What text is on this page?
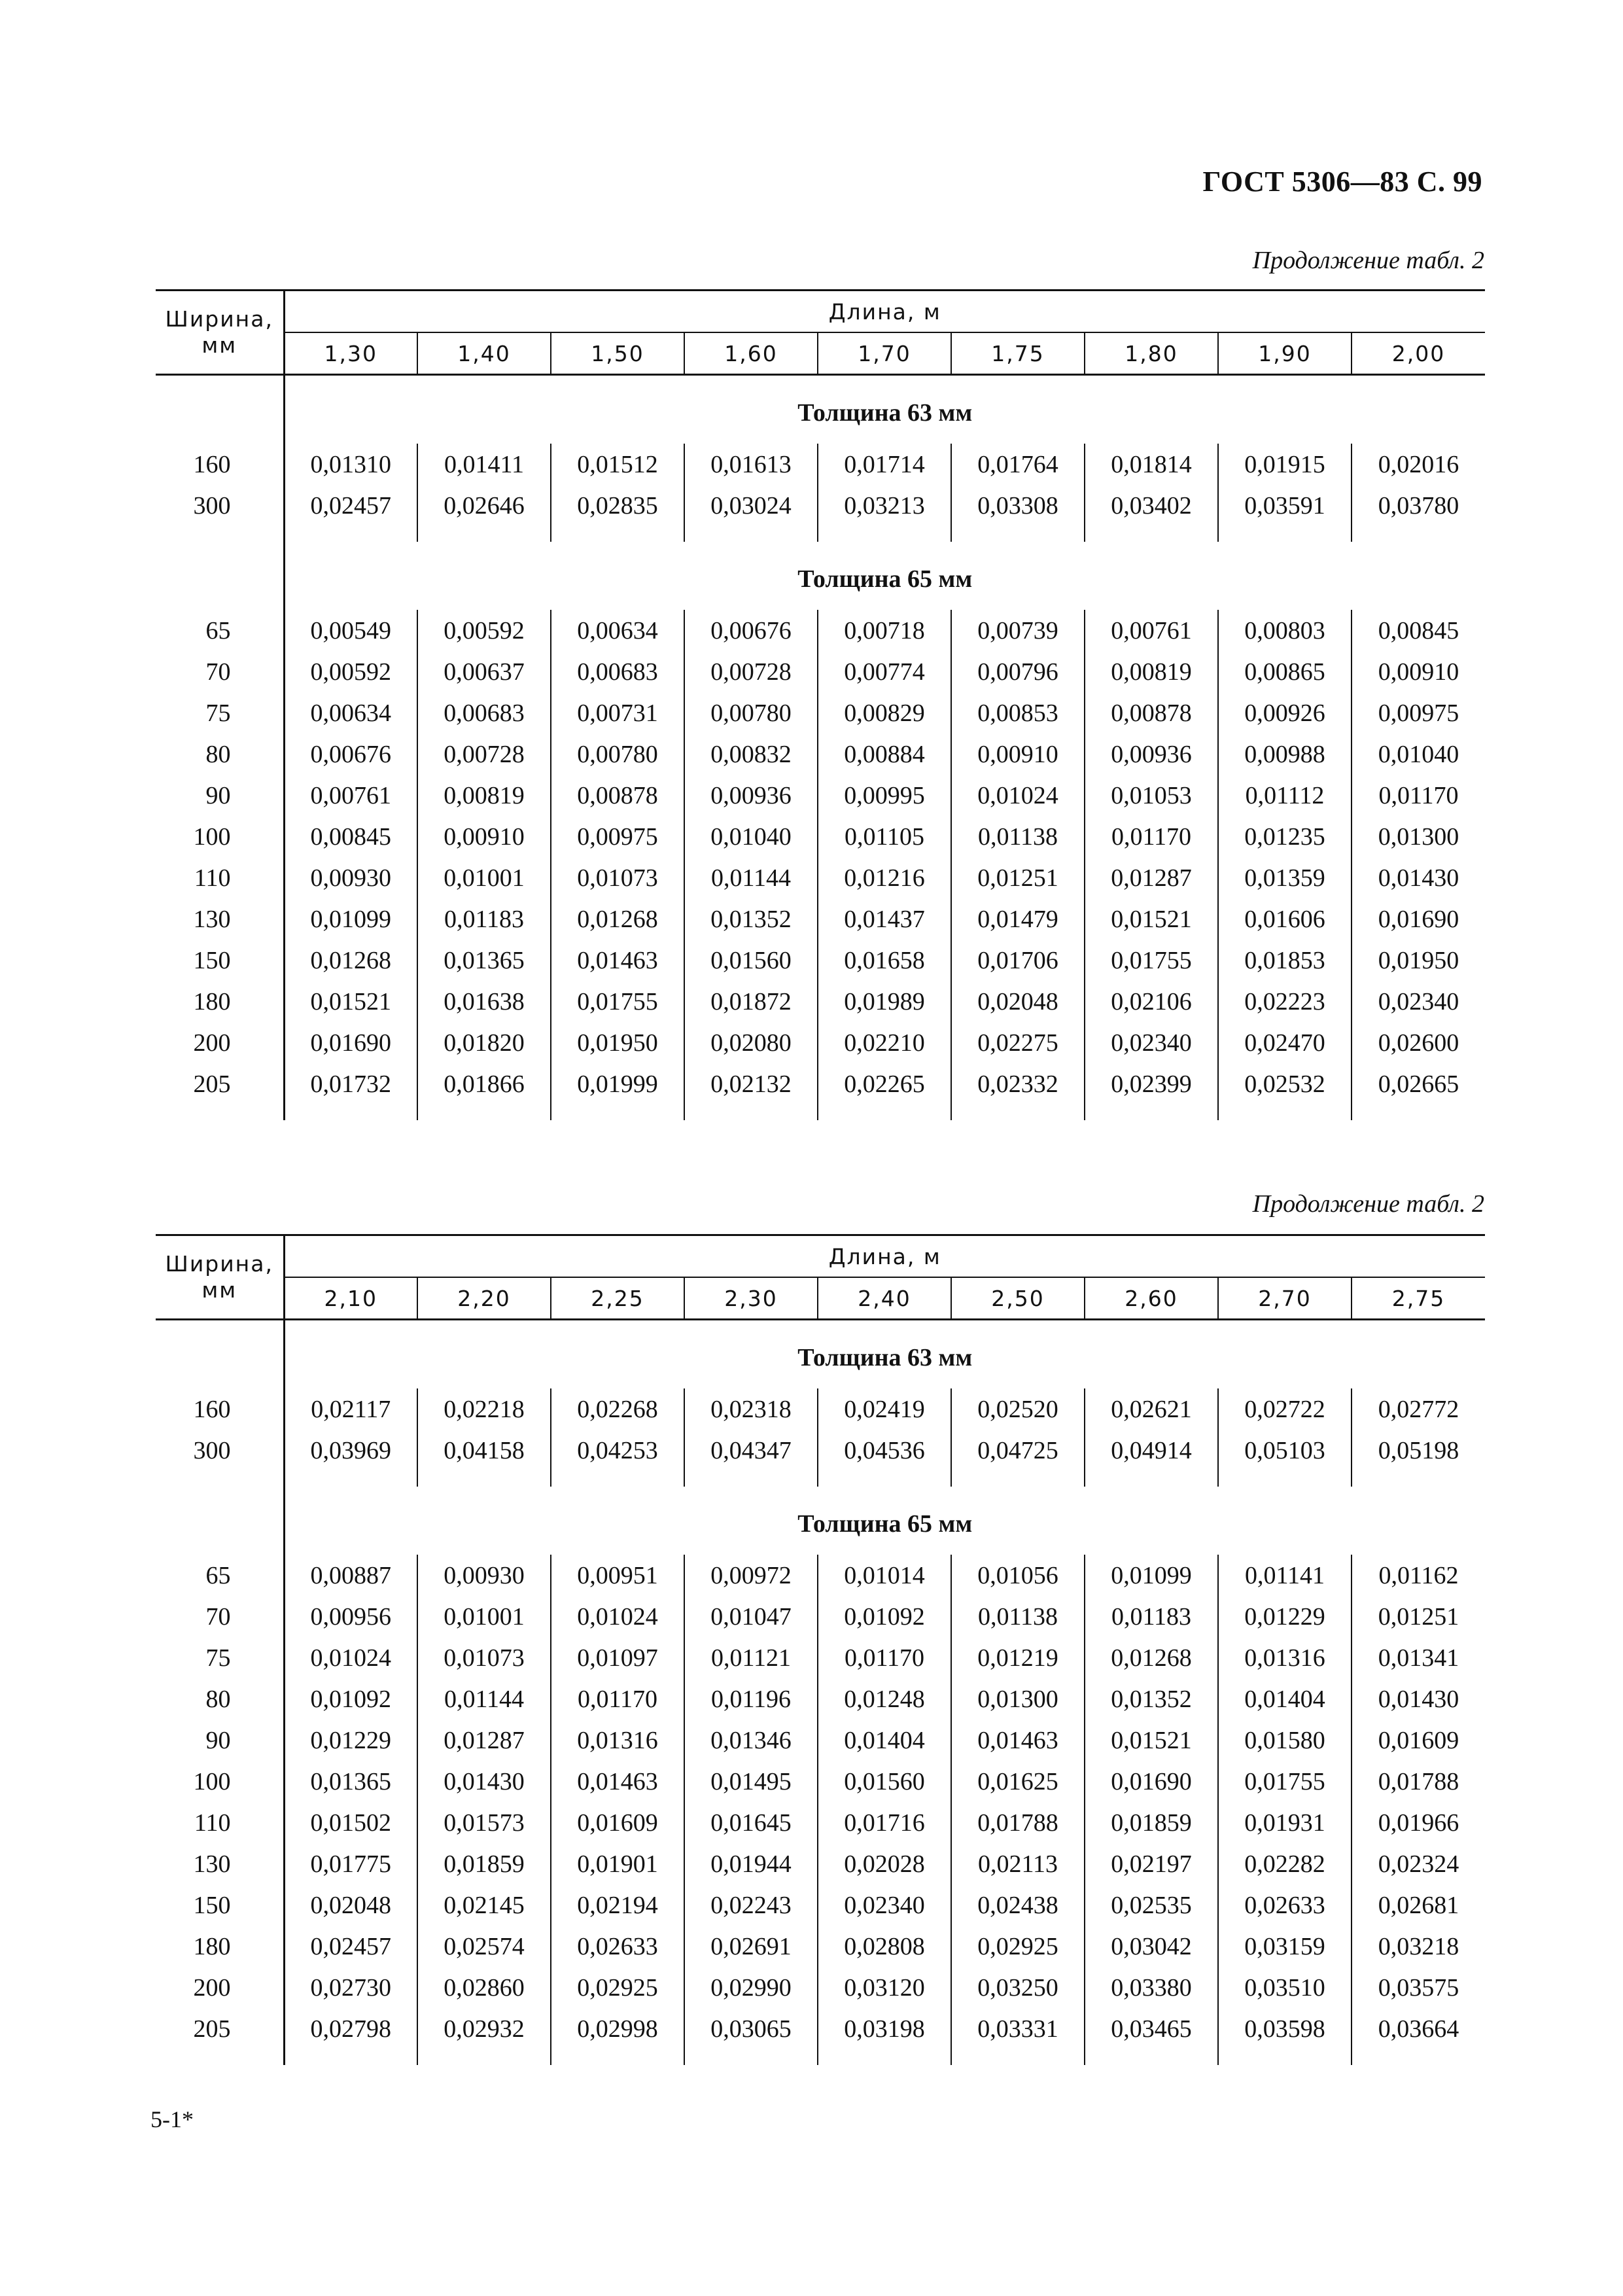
ГОСТ 5306—83 С. 99
Продолжение табл. 2
Ширина,
мм	Длина, м								
	1,30	1,40	1,50	1,60	1,70	1,75	1,80	1,90	2,00
	Толщина 63 мм								
160	0,01310	0,01411	0,01512	0,01613	0,01714	0,01764	0,01814	0,01915	0,02016
300	0,02457	0,02646	0,02835	0,03024	0,03213	0,03308	0,03402	0,03591	0,03780

	Толщина 65 мм								
65	0,00549	0,00592	0,00634	0,00676	0,00718	0,00739	0,00761	0,00803	0,00845
70	0,00592	0,00637	0,00683	0,00728	0,00774	0,00796	0,00819	0,00865	0,00910
75	0,00634	0,00683	0,00731	0,00780	0,00829	0,00853	0,00878	0,00926	0,00975
80	0,00676	0,00728	0,00780	0,00832	0,00884	0,00910	0,00936	0,00988	0,01040
90	0,00761	0,00819	0,00878	0,00936	0,00995	0,01024	0,01053	0,01112	0,01170
100	0,00845	0,00910	0,00975	0,01040	0,01105	0,01138	0,01170	0,01235	0,01300
110	0,00930	0,01001	0,01073	0,01144	0,01216	0,01251	0,01287	0,01359	0,01430
130	0,01099	0,01183	0,01268	0,01352	0,01437	0,01479	0,01521	0,01606	0,01690
150	0,01268	0,01365	0,01463	0,01560	0,01658	0,01706	0,01755	0,01853	0,01950
180	0,01521	0,01638	0,01755	0,01872	0,01989	0,02048	0,02106	0,02223	0,02340
200	0,01690	0,01820	0,01950	0,02080	0,02210	0,02275	0,02340	0,02470	0,02600
205	0,01732	0,01866	0,01999	0,02132	0,02265	0,02332	0,02399	0,02532	0,02665

Продолжение табл. 2
Ширина,
мм	Длина, м								
	2,10	2,20	2,25	2,30	2,40	2,50	2,60	2,70	2,75
	Толщина 63 мм								
160	0,02117	0,02218	0,02268	0,02318	0,02419	0,02520	0,02621	0,02722	0,02772
300	0,03969	0,04158	0,04253	0,04347	0,04536	0,04725	0,04914	0,05103	0,05198

	Толщина 65 мм								
65	0,00887	0,00930	0,00951	0,00972	0,01014	0,01056	0,01099	0,01141	0,01162
70	0,00956	0,01001	0,01024	0,01047	0,01092	0,01138	0,01183	0,01229	0,01251
75	0,01024	0,01073	0,01097	0,01121	0,01170	0,01219	0,01268	0,01316	0,01341
80	0,01092	0,01144	0,01170	0,01196	0,01248	0,01300	0,01352	0,01404	0,01430
90	0,01229	0,01287	0,01316	0,01346	0,01404	0,01463	0,01521	0,01580	0,01609
100	0,01365	0,01430	0,01463	0,01495	0,01560	0,01625	0,01690	0,01755	0,01788
110	0,01502	0,01573	0,01609	0,01645	0,01716	0,01788	0,01859	0,01931	0,01966
130	0,01775	0,01859	0,01901	0,01944	0,02028	0,02113	0,02197	0,02282	0,02324
150	0,02048	0,02145	0,02194	0,02243	0,02340	0,02438	0,02535	0,02633	0,02681
180	0,02457	0,02574	0,02633	0,02691	0,02808	0,02925	0,03042	0,03159	0,03218
200	0,02730	0,02860	0,02925	0,02990	0,03120	0,03250	0,03380	0,03510	0,03575
205	0,02798	0,02932	0,02998	0,03065	0,03198	0,03331	0,03465	0,03598	0,03664

5-1*
